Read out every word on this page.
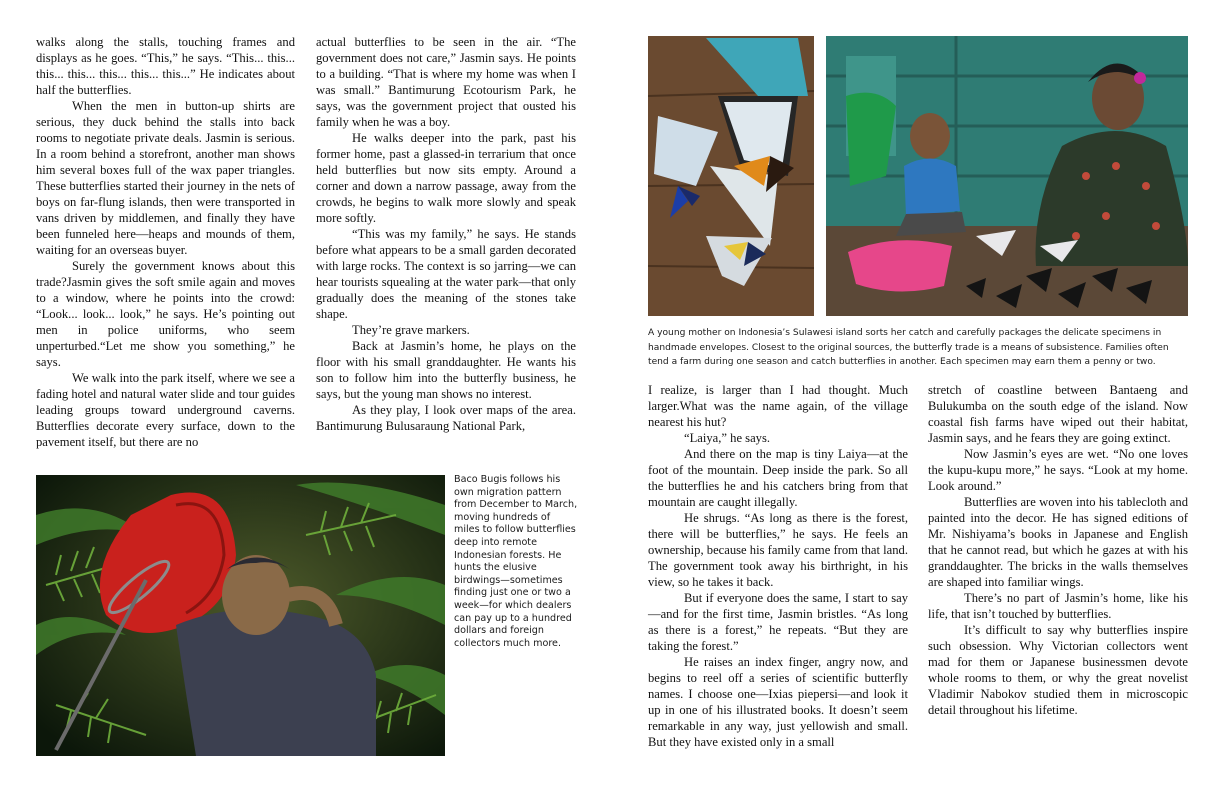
walks along the stalls, touching frames and displays as he goes. “This,” he says. “This... this... this... this... this... this... this...” He indicates about half the butterflies.

When the men in button-up shirts are serious, they duck behind the stalls into back rooms to negotiate private deals. Jasmin is serious. In a room behind a storefront, another man shows him several boxes full of the wax paper triangles. These butterflies started their journey in the nets of boys on far-flung islands, then were transported in vans driven by middlemen, and finally they have been funneled here—heaps and mounds of them, waiting for an overseas buyer.

Surely the government knows about this trade?Jasmin gives the soft smile again and moves to a window, where he points into the crowd: “Look... look... look,” he says. He’s pointing out men in police uniforms, who seem unperturbed.“Let me show you something,” he says.

We walk into the park itself, where we see a fading hotel and natural water slide and tour guides leading groups toward underground caverns. Butterflies decorate every surface, down to the pavement itself, but there are no

actual butterflies to be seen in the air. “The government does not care,” Jasmin says. He points to a building. “That is where my home was when I was small.” Bantimurung Ecotourism Park, he says, was the government project that ousted his family when he was a boy.

He walks deeper into the park, past his former home, past a glassed-in terrarium that once held butterflies but now sits empty. Around a corner and down a narrow passage, away from the crowds, he begins to walk more slowly and speak more softly.

“This was my family,” he says. He stands before what appears to be a small garden decorated with large rocks. The context is so jarring—we can hear tourists squealing at the water park—that only gradually does the meaning of the stones take shape.

They’re grave markers.

Back at Jasmin’s home, he plays on the floor with his small granddaughter. He wants his son to follow him into the butterfly business, he says, but the young man shows no interest.

As they play, I look over maps of the area. Bantimurung Bulusaraung National Park,

Baco Bugis follows his own migration pattern from December to March, moving hundreds of miles to follow butterflies deep into remote Indonesian forests. He hunts the elusive birdwings—sometimes finding just one or two a week—for which dealers can pay up to a hundred dollars and foreign collectors much more.
A young mother on Indonesia’s Sulawesi island sorts her catch and carefully packages the delicate specimens in handmade envelopes. Closest to the original sources, the butterfly trade is a means of subsistence. Families often tend a farm during one season and catch butterflies in another. Each specimen may earn them a penny or two.

I realize, is larger than I had thought. Much larger.What was the name again, of the village nearest his hut?

“Laiya,” he says.

And there on the map is tiny Laiya—at the foot of the mountain. Deep inside the park. So all the butterflies he and his catchers bring from that mountain are caught illegally.

He shrugs. “As long as there is the forest, there will be butterflies,” he says. He feels an ownership, because his family came from that land. The government took away his birthright, in his view, so he takes it back.

But if everyone does the same, I start to say—and for the first time, Jasmin bristles. “As long as there is a forest,” he repeats. “But they are taking the forest.”

He raises an index finger, angry now, and begins to reel off a series of scientific butterfly names. I choose one—Ixias piepersi—and look it up in one of his illustrated books. It doesn’t seem remarkable in any way, just yellowish and small. But they have existed only in a small

stretch of coastline between Bantaeng and Bulukumba on the south edge of the island. Now coastal fish farms have wiped out their habitat, Jasmin says, and he fears they are going extinct.

Now Jasmin’s eyes are wet. “No one loves the kupu-kupu more,” he says. “Look at my home. Look around.”

Butterflies are woven into his tablecloth and painted into the decor. He has signed editions of Mr. Nishiyama’s books in Japanese and English that he cannot read, but which he gazes at with his granddaughter. The bricks in the walls themselves are shaped into familiar wings.

There’s no part of Jasmin’s home, like his life, that isn’t touched by butterflies.

It’s difficult to say why butterflies inspire such obsession. Why Victorian collectors went mad for them or Japanese businessmen devote whole rooms to them, or why the great novelist Vladimir Nabokov studied them in microscopic detail throughout his lifetime.
